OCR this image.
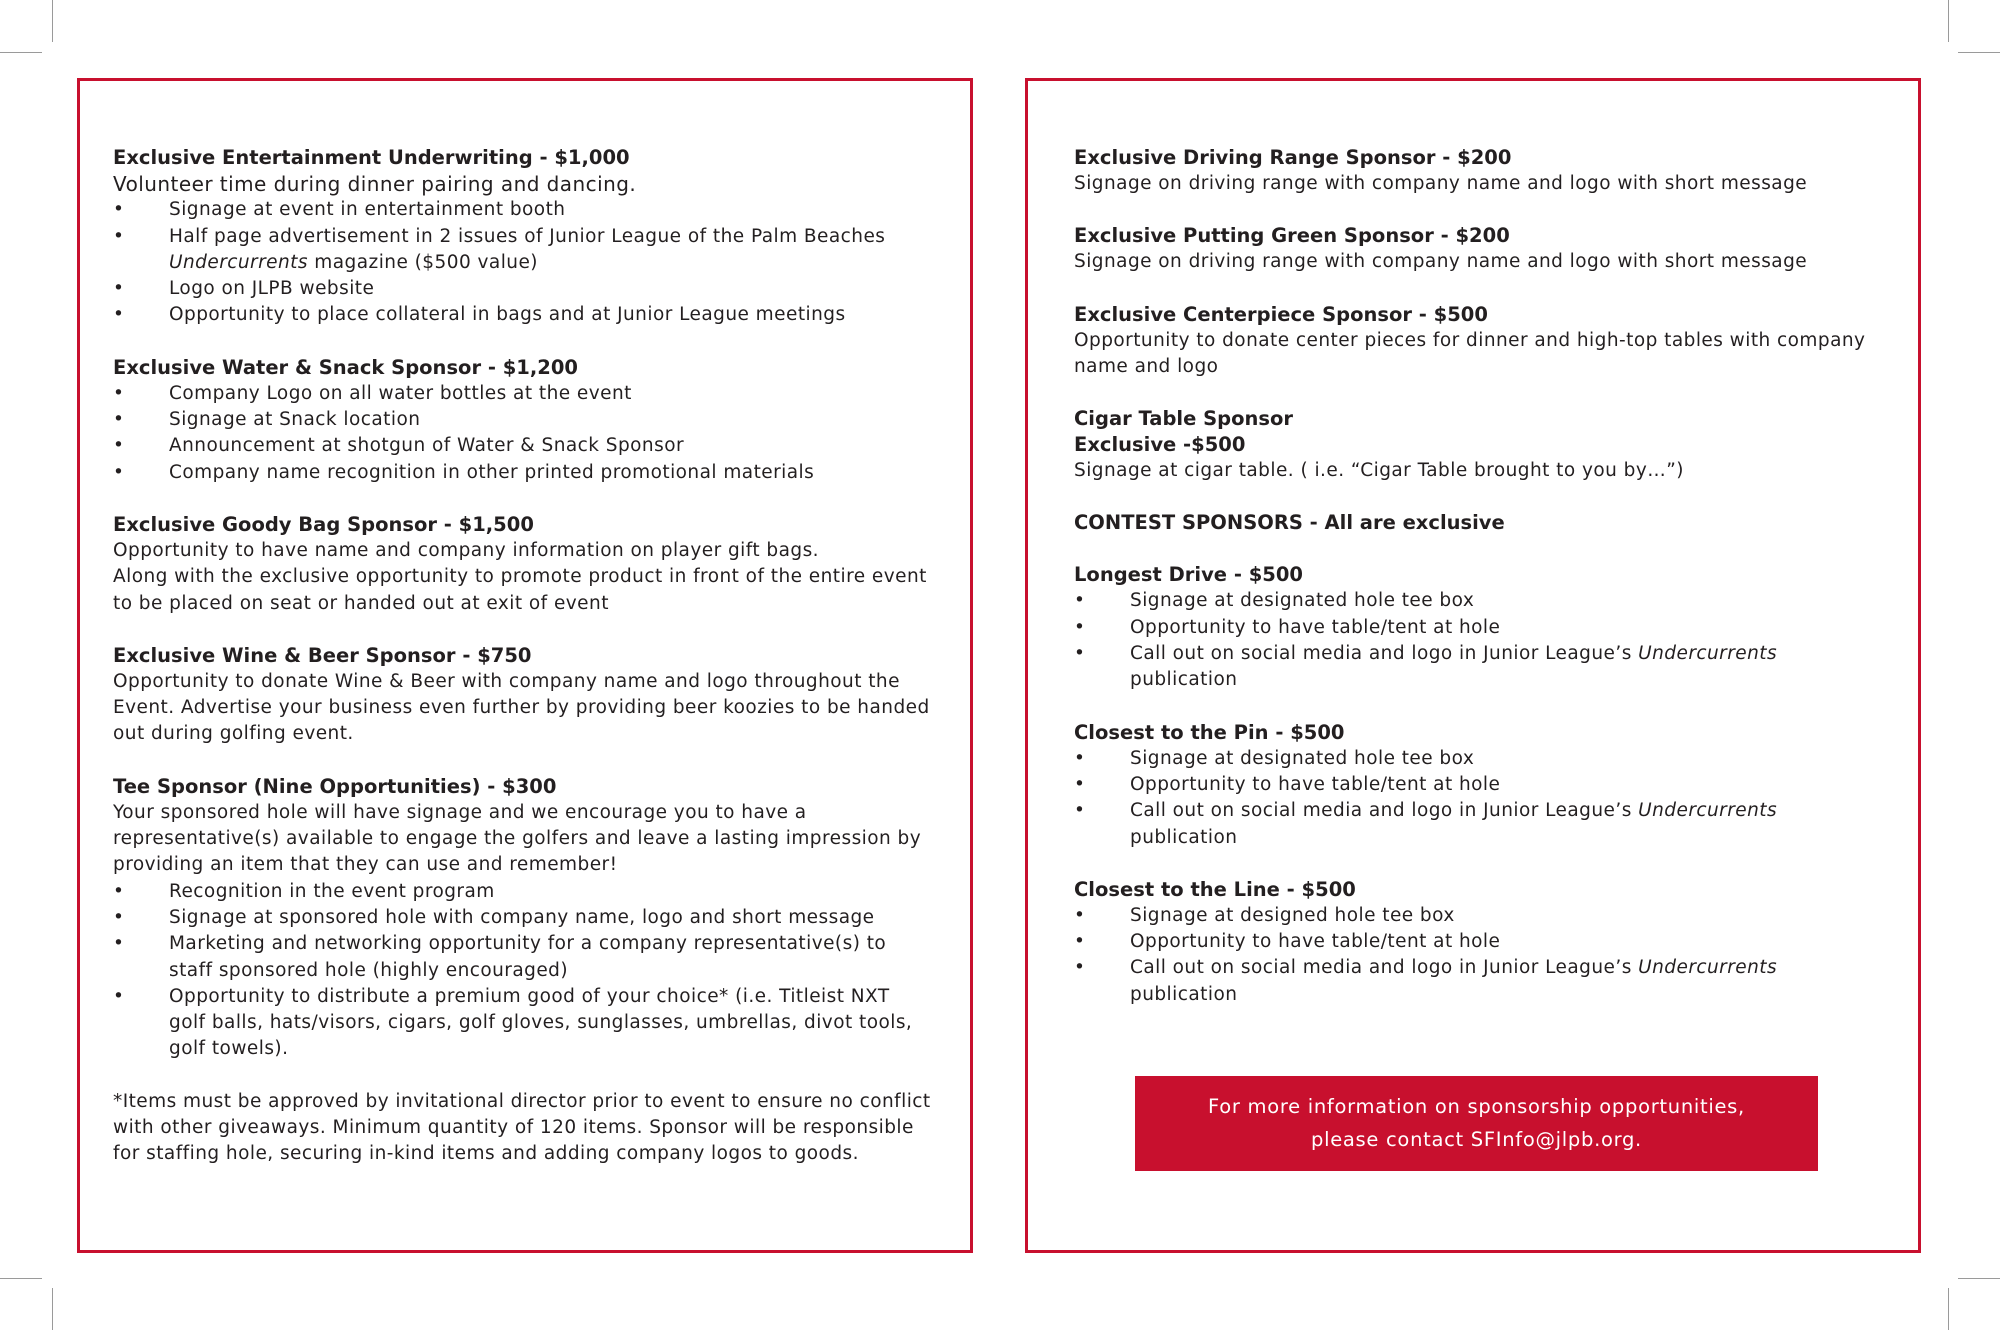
Exclusive Entertainment Underwriting - $1,000
Volunteer time during dinner pairing and dancing.
• Signage at event in entertainment booth
• Half page advertisement in 2 issues of Junior League of the Palm Beaches
Undercurrents magazine ($500 value)
• Logo on JLPB website
• Opportunity to place collateral in bags and at Junior League meetings
Exclusive Water & Snack Sponsor - $1,200
• Company Logo on all water bottles at the event
• Signage at Snack location
• Announcement at shotgun of Water & Snack Sponsor
• Company name recognition in other printed promotional materials
Exclusive Goody Bag Sponsor - $1,500
Opportunity to have name and company information on player gift bags.
Along with the exclusive opportunity to promote product in front of the entire event
to be placed on seat or handed out at exit of event
Exclusive Wine & Beer Sponsor - $750
Opportunity to donate Wine & Beer with company name and logo throughout the
Event. Advertise your business even further by providing beer koozies to be handed
out during golfing event.
Tee Sponsor (Nine Opportunities) - $300
Your sponsored hole will have signage and we encourage you to have a
representative(s) available to engage the golfers and leave a lasting impression by
providing an item that they can use and remember!
• Recognition in the event program
• Signage at sponsored hole with company name, logo and short message
• Marketing and networking opportunity for a company representative(s) to
staff sponsored hole (highly encouraged)
• Opportunity to distribute a premium good of your choice* (i.e. Titleist NXT
golf balls, hats/visors, cigars, golf gloves, sunglasses, umbrellas, divot tools,
golf towels).
*Items must be approved by invitational director prior to event to ensure no conflict
with other giveaways. Minimum quantity of 120 items. Sponsor will be responsible
for staffing hole, securing in-kind items and adding company logos to goods.
Exclusive Driving Range Sponsor - $200
Signage on driving range with company name and logo with short message
Exclusive Putting Green Sponsor - $200
Signage on driving range with company name and logo with short message
Exclusive Centerpiece Sponsor - $500
Opportunity to donate center pieces for dinner and high-top tables with company
name and logo
Cigar Table Sponsor
Exclusive -$500
Signage at cigar table. ( i.e. “Cigar Table brought to you by…”)
CONTEST SPONSORS - All are exclusive
Longest Drive - $500
• Signage at designated hole tee box
• Opportunity to have table/tent at hole
• Call out on social media and logo in Junior League’s Undercurrents
publication
Closest to the Pin - $500
• Signage at designated hole tee box
• Opportunity to have table/tent at hole
• Call out on social media and logo in Junior League’s Undercurrents
publication
Closest to the Line - $500
• Signage at designed hole tee box
• Opportunity to have table/tent at hole
• Call out on social media and logo in Junior League’s Undercurrents
publication
For more information on sponsorship opportunities,
please contact SFInfo@jlpb.org.
